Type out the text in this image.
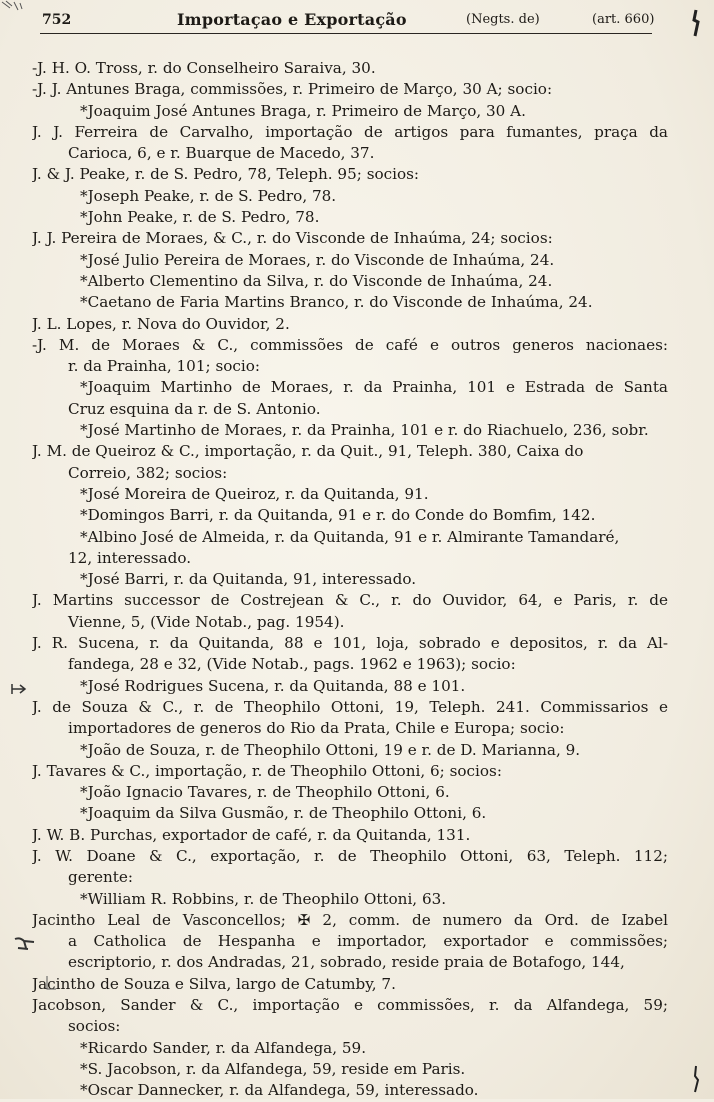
752	Importaçao e Exportação	(Negts. de)	(art. 660)
-J. H. O. Tross, r. do Conselheiro Saraiva, 30.
-J. J. Antunes Braga, commissões, r. Primeiro de Março, 30 A; socio:
*Joaquim José Antunes Braga, r. Primeiro de Março, 30 A.
J. J. Ferreira de Carvalho, importação de artigos para fumantes, praça da
Carioca, 6, e r. Buarque de Macedo, 37.
J. & J. Peake, r. de S. Pedro, 78, Teleph. 95; socios:
*Joseph Peake, r. de S. Pedro, 78.
*John Peake, r. de S. Pedro, 78.
J. J. Pereira de Moraes, & C., r. do Visconde de Inhaúma, 24; socios:
*José Julio Pereira de Moraes, r. do Visconde de Inhaúma, 24.
*Alberto Clementino da Silva, r. do Visconde de Inhaúma, 24.
*Caetano de Faria Martins Branco, r. do Visconde de Inhaúma, 24.
J. L. Lopes, r. Nova do Ouvidor, 2.
-J. M. de Moraes & C., commissões de café e outros generos nacionaes:
r. da Prainha, 101; socio:
*Joaquim Martinho de Moraes, r. da Prainha, 101 e Estrada de Santa
Cruz esquina da r. de S. Antonio.
*José Martinho de Moraes, r. da Prainha, 101 e r. do Riachuelo, 236, sobr.
J. M. de Queiroz & C., importação, r. da Quit., 91, Teleph. 380, Caixa do
Correio, 382; socios:
*José Moreira de Queiroz, r. da Quitanda, 91.
*Domingos Barri, r. da Quitanda, 91 e r. do Conde do Bomfim, 142.
*Albino José de Almeida, r. da Quitanda, 91 e r. Almirante Tamandaré,
12, interessado.
*José Barri, r. da Quitanda, 91, interessado.
J. Martins successor de Costrejean & C., r. do Ouvidor, 64, e Paris, r. de
Vienne, 5, (Vide Notab., pag. 1954).
J. R. Sucena, r. da Quitanda, 88 e 101, loja, sobrado e depositos, r. da Al-
fandega, 28 e 32, (Vide Notab., pags. 1962 e 1963); socio:
*José Rodrigues Sucena, r. da Quitanda, 88 e 101.
J. de Souza & C., r. de Theophilo Ottoni, 19, Teleph. 241. Commissarios e
importadores de generos do Rio da Prata, Chile e Europa; socio:
*João de Souza, r. de Theophilo Ottoni, 19 e r. de D. Marianna, 9.
J. Tavares & C., importação, r. de Theophilo Ottoni, 6; socios:
*João Ignacio Tavares, r. de Theophilo Ottoni, 6.
*Joaquim da Silva Gusmão, r. de Theophilo Ottoni, 6.
J. W. B. Purchas, exportador de café, r. da Quitanda, 131.
J. W. Doane & C., exportação, r. de Theophilo Ottoni, 63, Teleph. 112;
gerente:
*William R. Robbins, r. de Theophilo Ottoni, 63.
Jacintho Leal de Vasconcellos; ✠ 2, comm. de numero da Ord. de Izabel
a Catholica de Hespanha e importador, exportador e commissões;
escriptorio, r. dos Andradas, 21, sobrado, reside praia de Botafogo, 144,
Jacintho de Souza e Silva, largo de Catumby, 7.
Jacobson, Sander & C., importação e commissões, r. da Alfandega, 59;
socios:
*Ricardo Sander, r. da Alfandega, 59.
*S. Jacobson, r. da Alfandega, 59, reside em Paris.
*Oscar Dannecker, r. da Alfandega, 59, interessado.
